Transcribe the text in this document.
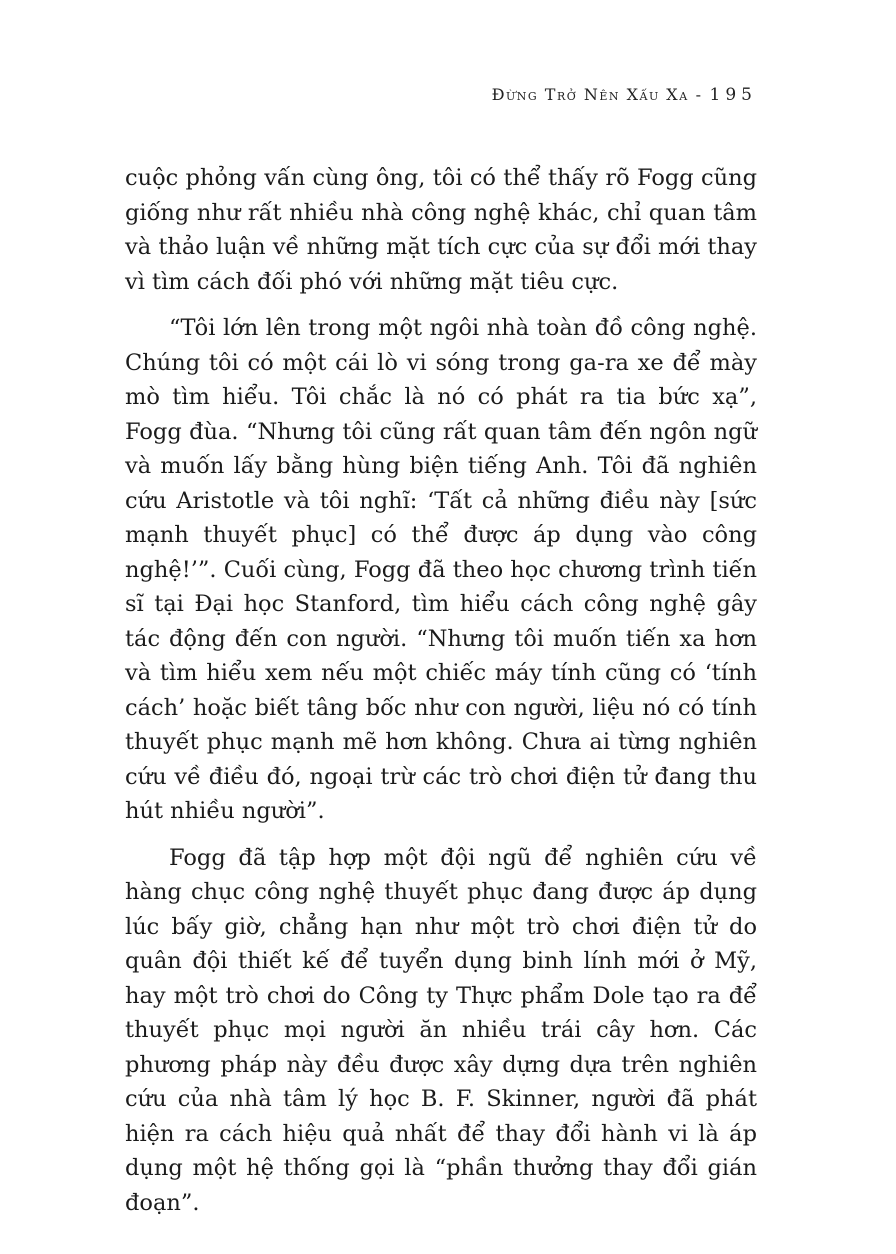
Đừng Trở Nên Xấu Xa - 195

cuộc phỏng vấn cùng ông, tôi có thể thấy rõ Fogg cũng giống như rất nhiều nhà công nghệ khác, chỉ quan tâm và thảo luận về những mặt tích cực của sự đổi mới thay vì tìm cách đối phó với những mặt tiêu cực.

“Tôi lớn lên trong một ngôi nhà toàn đồ công nghệ. Chúng tôi có một cái lò vi sóng trong ga-ra xe để mày mò tìm hiểu. Tôi chắc là nó có phát ra tia bức xạ”, Fogg đùa. “Nhưng tôi cũng rất quan tâm đến ngôn ngữ và muốn lấy bằng hùng biện tiếng Anh. Tôi đã nghiên cứu Aristotle và tôi nghĩ: ‘Tất cả những điều này [sức mạnh thuyết phục] có thể được áp dụng vào công nghệ!’”. Cuối cùng, Fogg đã theo học chương trình tiến sĩ tại Đại học Stanford, tìm hiểu cách công nghệ gây tác động đến con người. “Nhưng tôi muốn tiến xa hơn và tìm hiểu xem nếu một chiếc máy tính cũng có ‘tính cách’ hoặc biết tâng bốc như con người, liệu nó có tính thuyết phục mạnh mẽ hơn không. Chưa ai từng nghiên cứu về điều đó, ngoại trừ các trò chơi điện tử đang thu hút nhiều người”.

Fogg đã tập hợp một đội ngũ để nghiên cứu về hàng chục công nghệ thuyết phục đang được áp dụng lúc bấy giờ, chẳng hạn như một trò chơi điện tử do quân đội thiết kế để tuyển dụng binh lính mới ở Mỹ, hay một trò chơi do Công ty Thực phẩm Dole tạo ra để thuyết phục mọi người ăn nhiều trái cây hơn. Các phương pháp này đều được xây dựng dựa trên nghiên cứu của nhà tâm lý học B. F. Skinner, người đã phát hiện ra cách hiệu quả nhất để thay đổi hành vi là áp dụng một hệ thống gọi là “phần thưởng thay đổi gián đoạn”.
